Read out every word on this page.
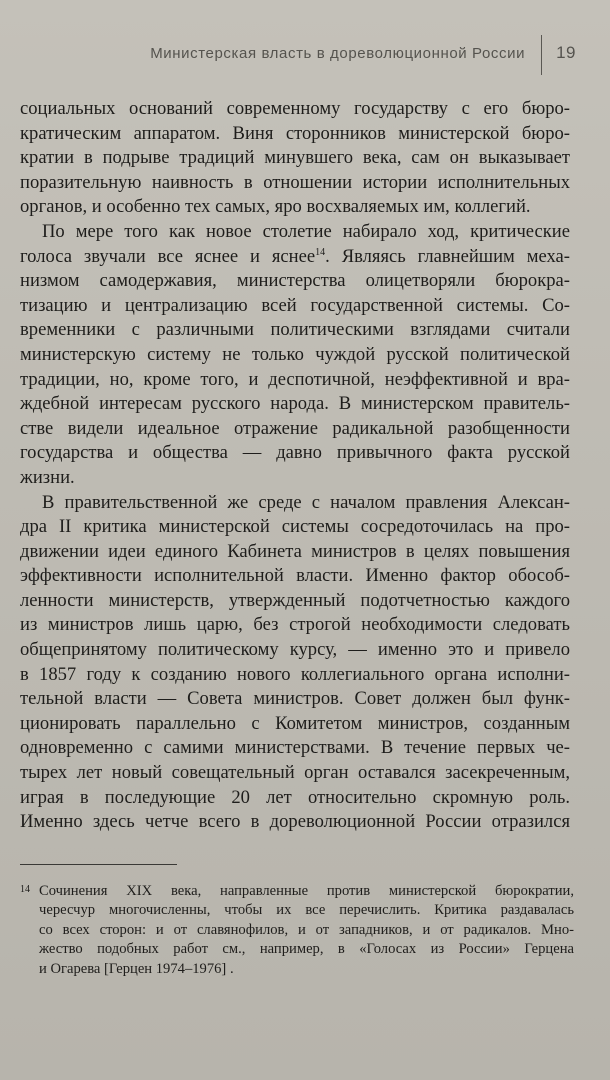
Министерская власть в дореволюционной России 19
социальных оснований современному государству с его бюро-
кратическим аппаратом. Виня сторонников министерской бюро-
кратии в подрыве традиций минувшего века, сам он выказывает
поразительную наивность в отношении истории исполнительных
органов, и особенно тех самых, яро восхваляемых им, коллегий.
По мере того как новое столетие набирало ход, критические
голоса звучали все яснее и яснее$^{14}$. Являясь главнейшим меха-
низмом самодержавия, министерства олицетворяли бюрокра-
тизацию и централизацию всей государственной системы. Со-
временники с различными политическими взглядами считали
министерскую систему не только чуждой русской политической
традиции, но, кроме того, и деспотичной, неэффективной и вра-
ждебной интересам русского народа. В министерском правитель-
стве видели идеальное отражение радикальной разобщенности
государства и общества — давно привычного факта русской
жизни.
В правительственной же среде с началом правления Алексан-
дра II критика министерской системы сосредоточилась на про-
движении идеи единого Кабинета министров в целях повышения
эффективности исполнительной власти. Именно фактор обособ-
ленности министерств, утвержденный подотчетностью каждого
из министров лишь царю, без строгой необходимости следовать
общепринятому политическому курсу, — именно это и привело
в 1857 году к созданию нового коллегиального органа исполни-
тельной власти — Совета министров. Совет должен был функ-
ционировать параллельно с Комитетом министров, созданным
одновременно с самими министерствами. В течение первых че-
тырех лет новый совещательный орган оставался засекреченным,
играя в последующие 20 лет относительно скромную роль.
Именно здесь четче всего в дореволюционной России отразился
14 Сочинения XIX века, направленные против министерской бюрократии,
чересчур многочисленны, чтобы их все перечислить. Критика раздавалась
со всех сторон: и от славянофилов, и от западников, и от радикалов. Мно-
жество подобных работ см., например, в «Голосах из России» Герцена
и Огарева [Герцен 1974–1976] .
